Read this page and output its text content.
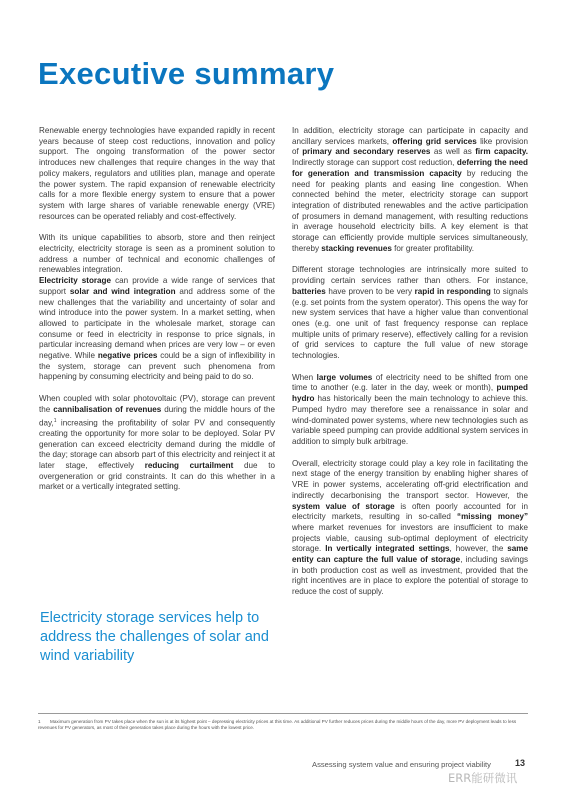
Executive summary

Renewable energy technologies have expanded rapidly in recent years because of steep cost reductions, innovation and policy support. The ongoing transformation of the power sector introduces new challenges that require changes in the way that policy makers, regulators and utilities plan, manage and operate the power system. The rapid expansion of renewable electricity calls for a more flexible energy system to ensure that a power system with large shares of variable renewable energy (VRE) resources can be operated reliably and cost-effectively.

With its unique capabilities to absorb, store and then reinject electricity, electricity storage is seen as a prominent solution to address a number of technical and economic challenges of renewables integration.
Electricity storage can provide a wide range of services that support solar and wind integration and address some of the new challenges that the variability and uncertainty of solar and wind introduce into the power system. In a market setting, when allowed to participate in the wholesale market, storage can consume or feed in electricity in response to price signals, in particular increasing demand when prices are very low – or even negative. While negative prices could be a sign of inflexibility in the system, storage can prevent such phenomena from happening by consuming electricity and being paid to do so.

When coupled with solar photovoltaic (PV), storage can prevent the cannibalisation of revenues during the middle hours of the day,$^1$ increasing the profitability of solar PV and consequently creating the opportunity for more solar to be deployed. Solar PV generation can exceed electricity demand during the middle of the day; storage can absorb part of this electricity and reinject it at later stage, effectively reducing curtailment due to overgeneration or grid constraints. It can do this whether in a market or a vertically integrated setting.

Electricity storage services help to address the challenges of solar and wind variability

In addition, electricity storage can participate in capacity and ancillary services markets, offering grid services like provision of primary and secondary reserves as well as firm capacity. Indirectly storage can support cost reduction, deferring the need for generation and transmission capacity by reducing the need for peaking plants and easing line congestion. When connected behind the meter, electricity storage can support integration of distributed renewables and the active participation of prosumers in demand management, with resulting reductions in average household electricity bills. A key element is that storage can efficiently provide multiple services simultaneously, thereby stacking revenues for greater profitability.

Different storage technologies are intrinsically more suited to providing certain services rather than others. For instance, batteries have proven to be very rapid in responding to signals (e.g. set points from the system operator). This opens the way for new system services that have a higher value than conventional ones (e.g. one unit of fast frequency response can replace multiple units of primary reserve), effectively calling for a revision of grid services to capture the full value of new storage technologies.

When large volumes of electricity need to be shifted from one time to another (e.g. later in the day, week or month), pumped hydro has historically been the main technology to achieve this. Pumped hydro may therefore see a renaissance in solar and wind-dominated power systems, where new technologies such as variable speed pumping can provide additional system services in addition to simply bulk arbitrage.

Overall, electricity storage could play a key role in facilitating the next stage of the energy transition by enabling higher shares of VRE in power systems, accelerating off-grid electrification and indirectly decarbonising the transport sector. However, the system value of storage is often poorly accounted for in electricity markets, resulting in so-called “missing money” where market revenues for investors are insufficient to make projects viable, causing sub-optimal deployment of electricity storage. In vertically integrated settings, however, the same entity can capture the full value of storage, including savings in both production cost as well as investment, provided that the right incentives are in place to explore the potential of storage to reduce the cost of supply.

1 Maximum generation from PV takes place when the sun is at its highest point – depressing electricity prices at this time. As additional PV further reduces prices during the middle hours of the day, more PV deployment leads to less revenues for PV generators, as most of their generation takes place during the hours with the lowest price.
Assessing system value and ensuring project viability	13
ERR能研微讯
